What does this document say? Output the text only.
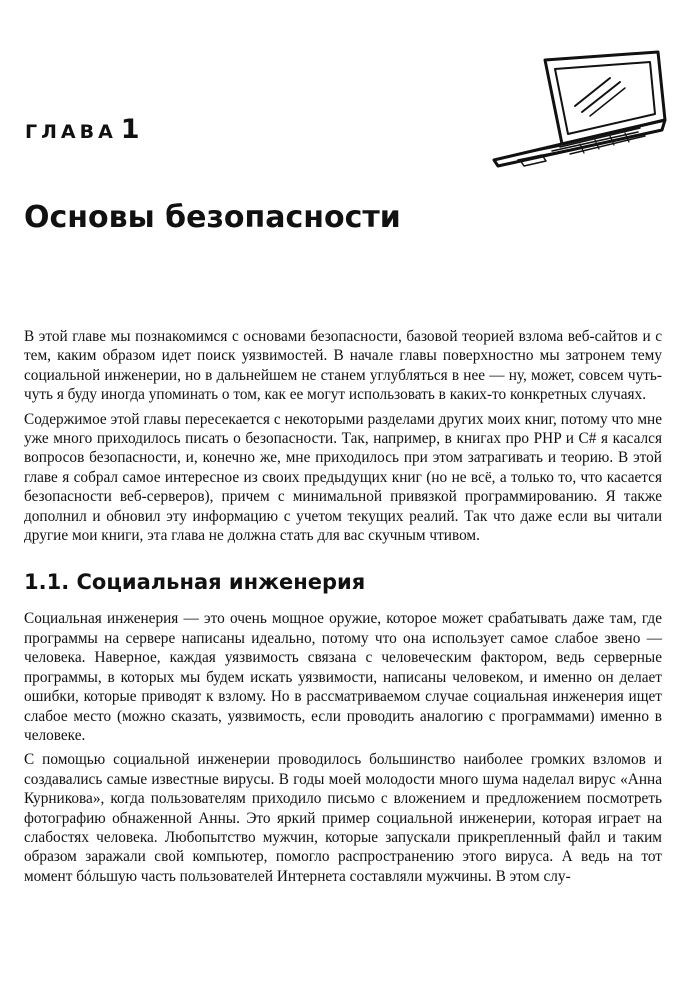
ГЛАВА 1
Основы безопасности

В этой главе мы познакомимся с основами безопасности, базовой теорией взлома веб-сайтов и с тем, каким образом идет поиск уязвимостей. В начале главы поверхностно мы затронем тему социальной инженерии, но в дальнейшем не станем углубляться в нее — ну, может, совсем чуть-чуть я буду иногда упоминать о том, как ее могут использовать в каких-то конкретных случаях.

Содержимое этой главы пересекается с некоторыми разделами других моих книг, потому что мне уже много приходилось писать о безопасности. Так, например, в книгах про PHP и C# я касался вопросов безопасности, и, конечно же, мне приходилось при этом затрагивать и теорию. В этой главе я собрал самое интересное из своих предыдущих книг (но не всё, а только то, что касается безопасности веб-серверов), причем с минимальной привязкой программированию. Я также дополнил и обновил эту информацию с учетом текущих реалий. Так что даже если вы читали другие мои книги, эта глава не должна стать для вас скучным чтивом.

1.1. Социальная инженерия

Социальная инженерия — это очень мощное оружие, которое может срабатывать даже там, где программы на сервере написаны идеально, потому что она использует самое слабое звено — человека. Наверное, каждая уязвимость связана с человеческим фактором, ведь серверные программы, в которых мы будем искать уязвимости, написаны человеком, и именно он делает ошибки, которые приводят к взлому. Но в рассматриваемом случае социальная инженерия ищет слабое место (можно сказать, уязвимость, если проводить аналогию с программами) именно в человеке.

С помощью социальной инженерии проводилось большинство наиболее громких взломов и создавались самые известные вирусы. В годы моей молодости много шума наделал вирус «Анна Курникова», когда пользователям приходило письмо с вложением и предложением посмотреть фотографию обнаженной Анны. Это яркий пример социальной инженерии, которая играет на слабостях человека. Любопытство мужчин, которые запускали прикрепленный файл и таким образом заражали свой компьютер, помогло распространению этого вируса. А ведь на тот момент бóльшую часть пользователей Интернета составляли мужчины. В этом слу-
